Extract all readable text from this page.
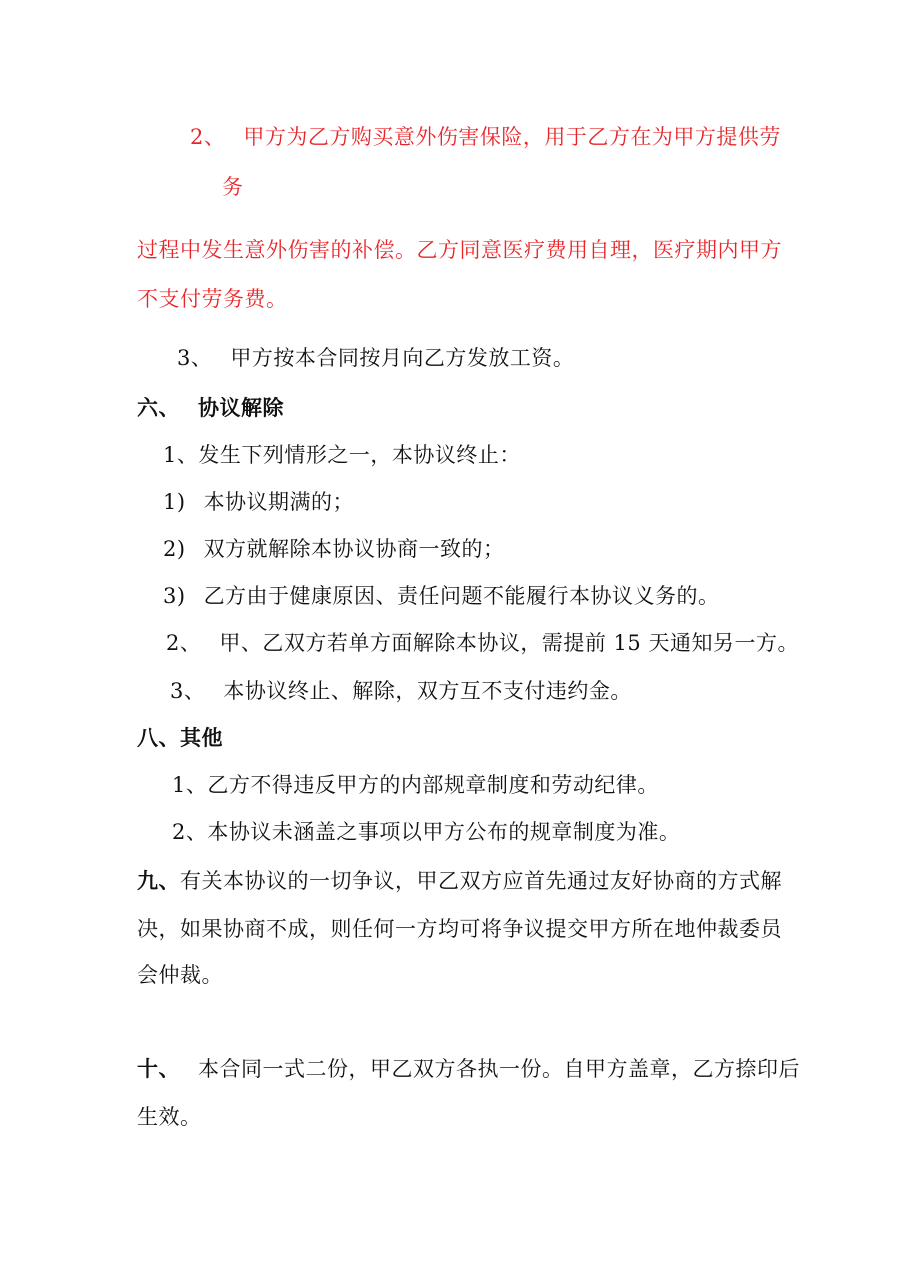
2、 甲方为乙方购买意外伤害保险，用于乙方在为甲方提供劳
务
过程中发生意外伤害的补偿。乙方同意医疗费用自理，医疗期内甲方
不支付劳务费。
3、 甲方按本合同按月向乙方发放工资。
六、 协议解除
1、发生下列情形之一，本协议终止：
1) 本协议期满的；
2) 双方就解除本协议协商一致的；
3) 乙方由于健康原因、责任问题不能履行本协议义务的。
2、 甲、乙双方若单方面解除本协议，需提前 15 天通知另一方。
3、 本协议终止、解除，双方互不支付违约金。
八、其他
1、乙方不得违反甲方的内部规章制度和劳动纪律。
2、本协议未涵盖之事项以甲方公布的规章制度为准。
九、有关本协议的一切争议，甲乙双方应首先通过友好协商的方式解
决，如果协商不成，则任何一方均可将争议提交甲方所在地仲裁委员
会仲裁。
十、 本合同一式二份，甲乙双方各执一份。自甲方盖章，乙方捺印后
生效。
